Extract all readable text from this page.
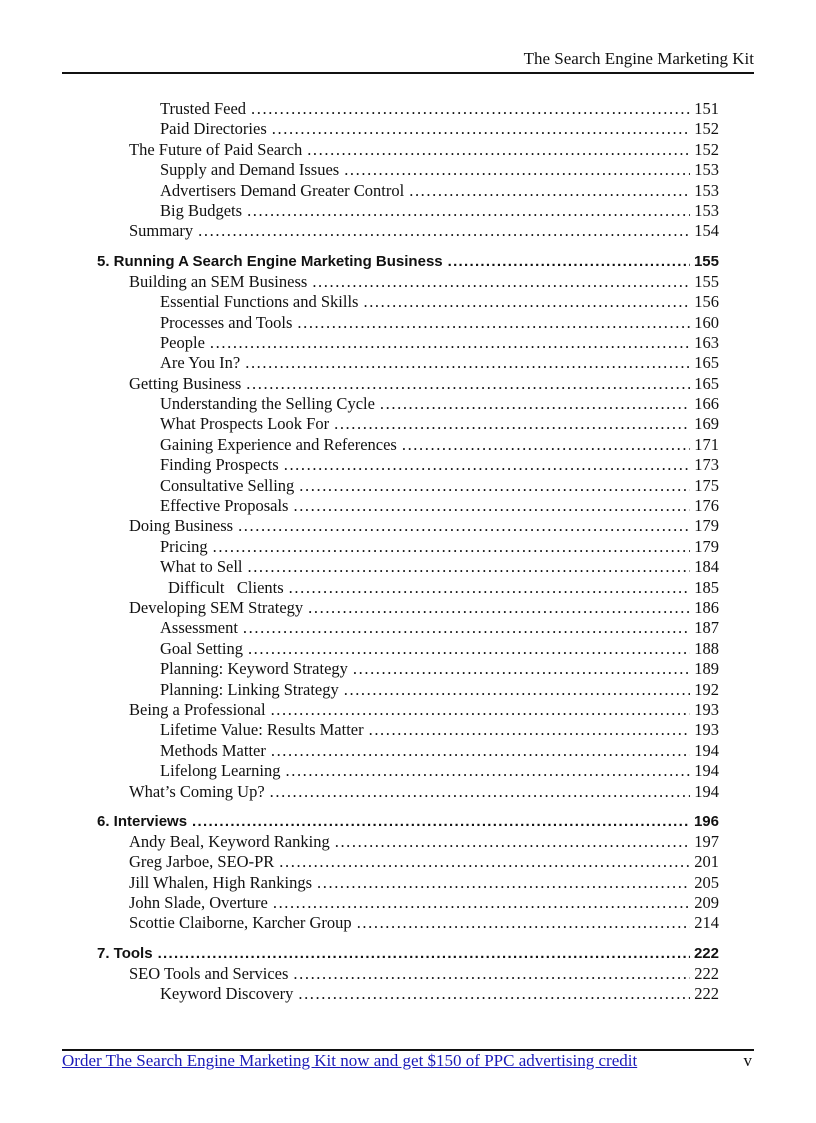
The Search Engine Marketing Kit
Trusted Feed .....	151
Paid Directories .....	152
The Future of Paid Search .....	152
Supply and Demand Issues .....	153
Advertisers Demand Greater Control .....	153
Big Budgets .....	153
Summary .....	154
5. Running A Search Engine Marketing Business .....	155
Building an SEM Business .....	155
Essential Functions and Skills .....	156
Processes and Tools .....	160
People .....	163
Are You In? .....	165
Getting Business .....	165
Understanding the Selling Cycle .....	166
What Prospects Look For .....	169
Gaining Experience and References .....	171
Finding Prospects .....	173
Consultative Selling .....	175
Effective Proposals .....	176
Doing Business .....	179
Pricing .....	179
What to Sell .....	184
Difficult   Clients .....	185
Developing SEM Strategy .....	186
Assessment .....	187
Goal Setting .....	188
Planning: Keyword Strategy .....	189
Planning: Linking Strategy .....	192
Being a Professional .....	193
Lifetime Value: Results Matter .....	193
Methods Matter .....	194
Lifelong Learning .....	194
What’s Coming Up? .....	194
6. Interviews .....	196
Andy Beal, Keyword Ranking .....	197
Greg Jarboe, SEO-PR .....	201
Jill Whalen, High Rankings .....	205
John Slade, Overture .....	209
Scottie Claiborne, Karcher Group .....	214
7. Tools .....	222
SEO Tools and Services .....	222
Keyword Discovery .....	222
Order The Search Engine Marketing Kit now and get $150 of PPC advertising credit	v
